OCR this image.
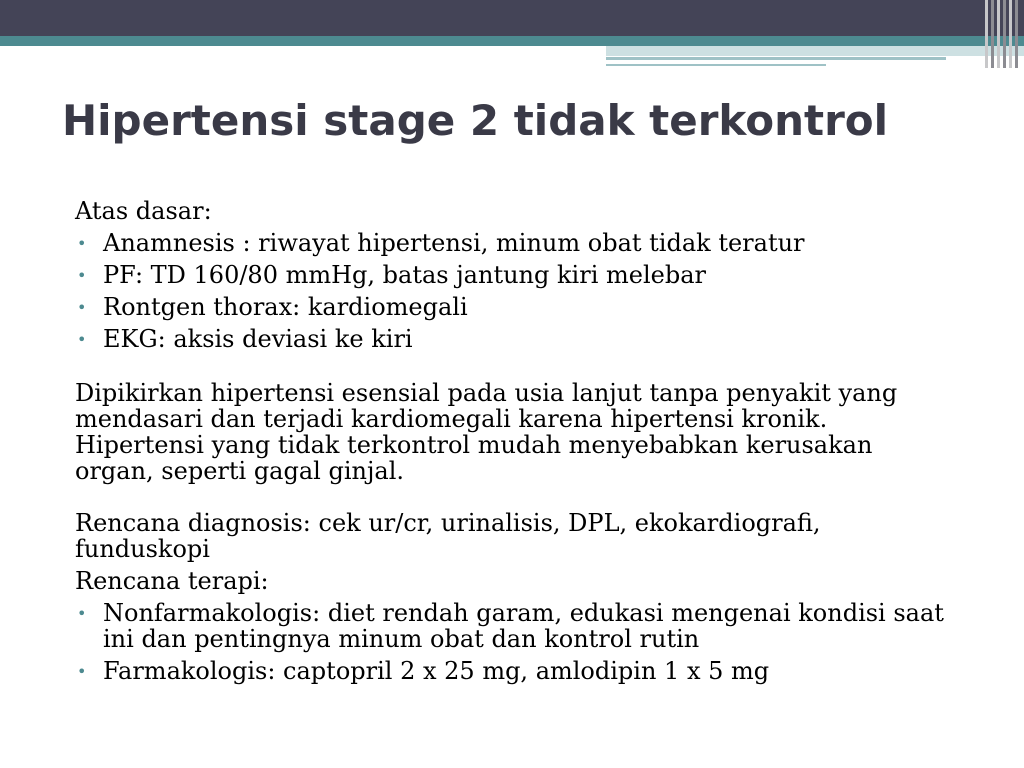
Hipertensi stage 2 tidak terkontrol

Atas dasar:

• Anamnesis : riwayat hipertensi, minum obat tidak teratur
• PF: TD 160/80 mmHg, batas jantung kiri melebar
• Rontgen thorax: kardiomegali
• EKG: aksis deviasi ke kiri

Dipikirkan hipertensi esensial pada usia lanjut tanpa penyakit yang mendasari dan terjadi kardiomegali karena hipertensi kronik. Hipertensi yang tidak terkontrol mudah menyebabkan kerusakan organ, seperti gagal ginjal.

Rencana diagnosis: cek ur/cr, urinalisis, DPL, ekokardiografi, funduskopi

Rencana terapi:

• Nonfarmakologis: diet rendah garam, edukasi mengenai kondisi saat ini dan pentingnya minum obat dan kontrol rutin
• Farmakologis: captopril 2 x 25 mg, amlodipin 1 x 5 mg
